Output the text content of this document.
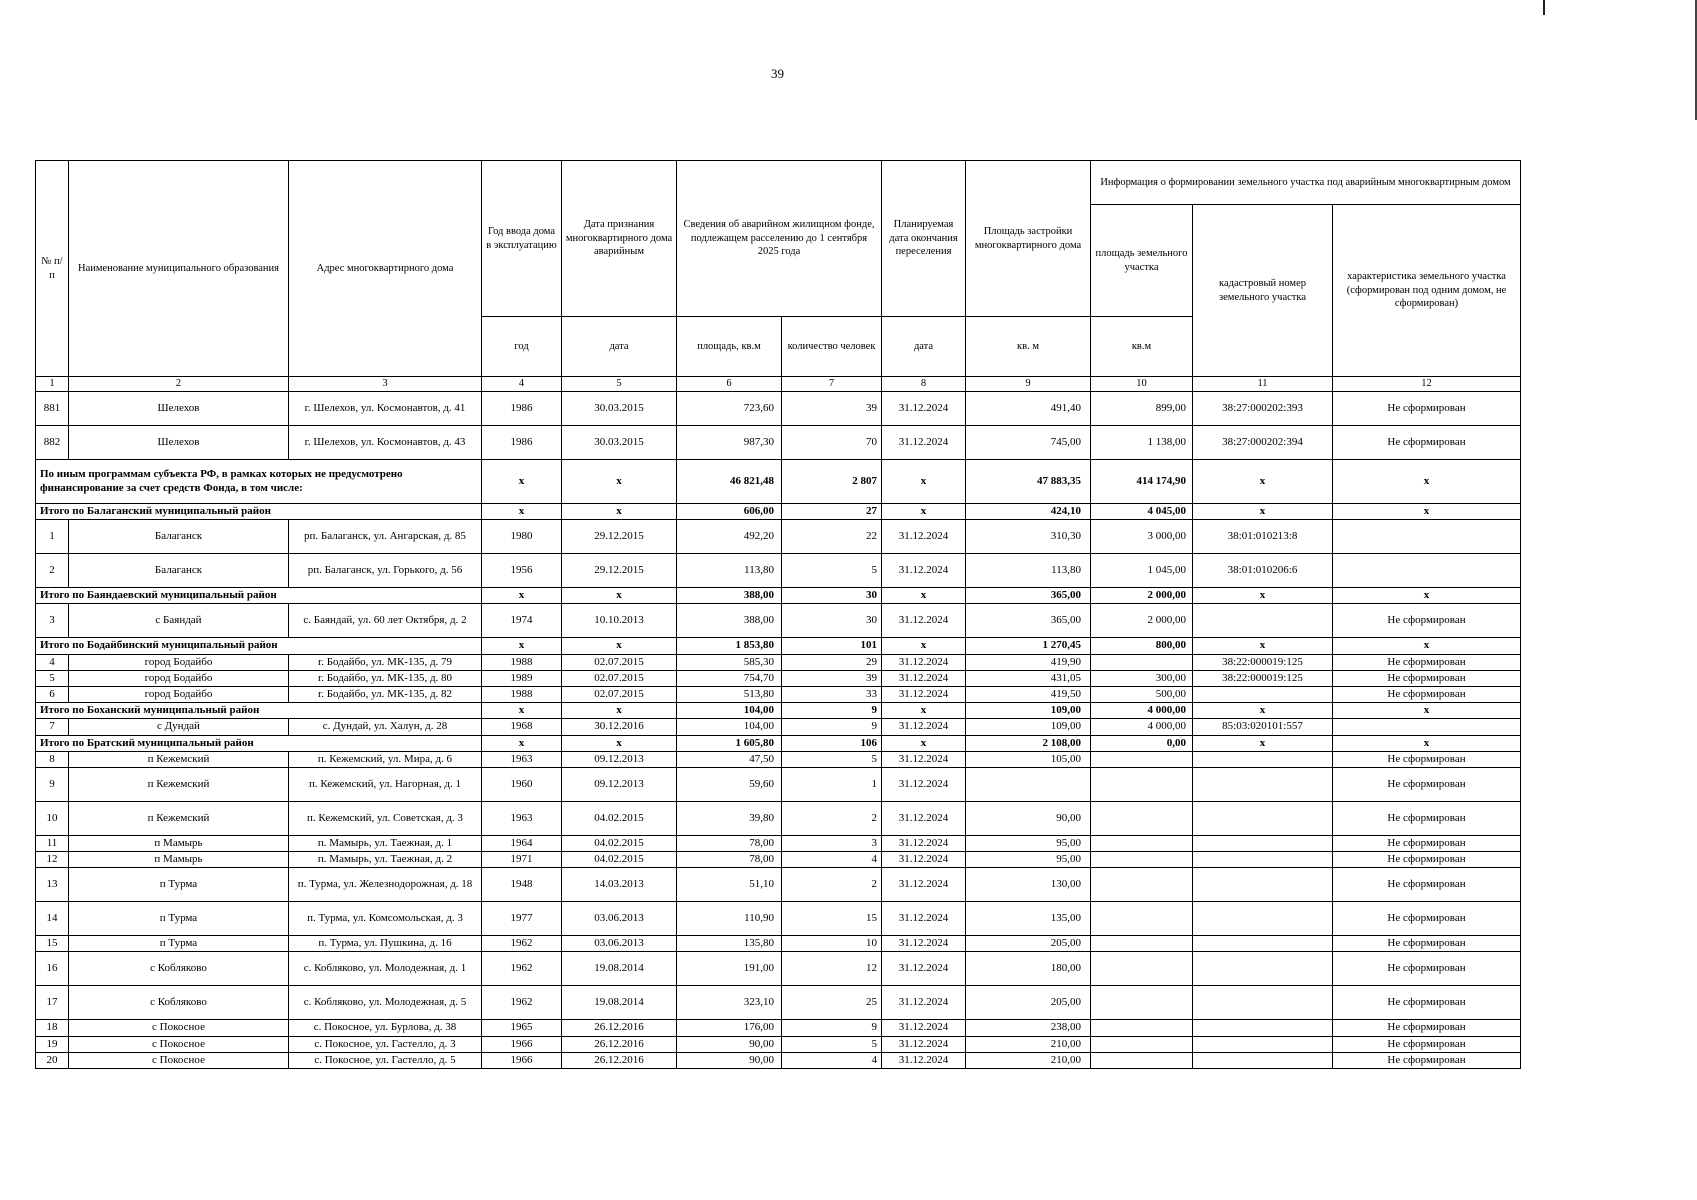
39
№ п/п	Наименование муниципального образования	Адрес многоквартирного дома	Год ввода дома в эксплуатацию	Дата признания многоквартирного дома аварийным	Сведения об аварийном жилищном фонде, подлежащем расселению до 1 сентября 2025 года		Планируемая дата окончания переселения	Площадь застройки многоквартирного дома	Информация о формировании земельного участка под аварийным многоквартирным домом		
									площадь земельного участка	кадастровый номер земельного участка	характеристика земельного участка (сформирован под одним домом, не сформирован)
			год	дата	площадь, кв.м	количество человек	дата	кв. м	кв.м		
1	2	3	4	5	6	7	8	9	10	11	12
881	Шелехов	г. Шелехов, ул. Космонавтов, д. 41	1986	30.03.2015	723,60	39	31.12.2024	491,40	899,00	38:27:000202:393	Не сформирован
882	Шелехов	г. Шелехов, ул. Космонавтов, д. 43	1986	30.03.2015	987,30	70	31.12.2024	745,00	1 138,00	38:27:000202:394	Не сформирован
По иным программам субъекта РФ, в рамках которых не предусмотрено финансирование за счет средств Фонда, в том числе:			x	x	46 821,48	2 807	x	47 883,35	414 174,90	x	x
Итого по Балаганский муниципальный район			x	x	606,00	27	x	424,10	4 045,00	x	x
1	Балаганск	рп. Балаганск, ул. Ангарская, д. 85	1980	29.12.2015	492,20	22	31.12.2024	310,30	3 000,00	38:01:010213:8	
2	Балаганск	рп. Балаганск, ул. Горького, д. 56	1956	29.12.2015	113,80	5	31.12.2024	113,80	1 045,00	38:01:010206:6	
Итого по Баяндаевский муниципальный район			x	x	388,00	30	x	365,00	2 000,00	x	x
3	с Баяндай	с. Баяндай, ул. 60 лет Октября, д. 2	1974	10.10.2013	388,00	30	31.12.2024	365,00	2 000,00		Не сформирован
Итого по Бодайбинский муниципальный район			x	x	1 853,80	101	x	1 270,45	800,00	x	x
4	город Бодайбо	г. Бодайбо, ул. МК-135, д. 79	1988	02.07.2015	585,30	29	31.12.2024	419,90		38:22:000019:125	Не сформирован
5	город Бодайбо	г. Бодайбо, ул. МК-135, д. 80	1989	02.07.2015	754,70	39	31.12.2024	431,05	300,00	38:22:000019:125	Не сформирован
6	город Бодайбо	г. Бодайбо, ул. МК-135, д. 82	1988	02.07.2015	513,80	33	31.12.2024	419,50	500,00		Не сформирован
Итого по Боханский муниципальный район			x	x	104,00	9	x	109,00	4 000,00	x	x
7	с Дундай	с. Дундай, ул. Халун, д. 28	1968	30.12.2016	104,00	9	31.12.2024	109,00	4 000,00	85:03:020101:557	
Итого по Братский муниципальный район			x	x	1 605,80	106	x	2 108,00	0,00	x	x
8	п Кежемский	п. Кежемский, ул. Мира, д. 6	1963	09.12.2013	47,50	5	31.12.2024	105,00			Не сформирован
9	п Кежемский	п. Кежемский, ул. Нагорная, д. 1	1960	09.12.2013	59,60	1	31.12.2024				Не сформирован
10	п Кежемский	п. Кежемский, ул. Советская, д. 3	1963	04.02.2015	39,80	2	31.12.2024	90,00			Не сформирован
11	п Мамырь	п. Мамырь, ул. Таежная, д. 1	1964	04.02.2015	78,00	3	31.12.2024	95,00			Не сформирован
12	п Мамырь	п. Мамырь, ул. Таежная, д. 2	1971	04.02.2015	78,00	4	31.12.2024	95,00			Не сформирован
13	п Турма	п. Турма, ул. Железнодорожная, д. 18	1948	14.03.2013	51,10	2	31.12.2024	130,00			Не сформирован
14	п Турма	п. Турма, ул. Комсомольская, д. 3	1977	03.06.2013	110,90	15	31.12.2024	135,00			Не сформирован
15	п Турма	п. Турма, ул. Пушкина, д. 16	1962	03.06.2013	135,80	10	31.12.2024	205,00			Не сформирован
16	с Кобляково	с. Кобляково, ул. Молодежная, д. 1	1962	19.08.2014	191,00	12	31.12.2024	180,00			Не сформирован
17	с Кобляково	с. Кобляково, ул. Молодежная, д. 5	1962	19.08.2014	323,10	25	31.12.2024	205,00			Не сформирован
18	с Покосное	с. Покосное, ул. Бурлова, д. 38	1965	26.12.2016	176,00	9	31.12.2024	238,00			Не сформирован
19	с Покосное	с. Покосное, ул. Гастелло, д. 3	1966	26.12.2016	90,00	5	31.12.2024	210,00			Не сформирован
20	с Покосное	с. Покосное, ул. Гастелло, д. 5	1966	26.12.2016	90,00	4	31.12.2024	210,00			Не сформирован
